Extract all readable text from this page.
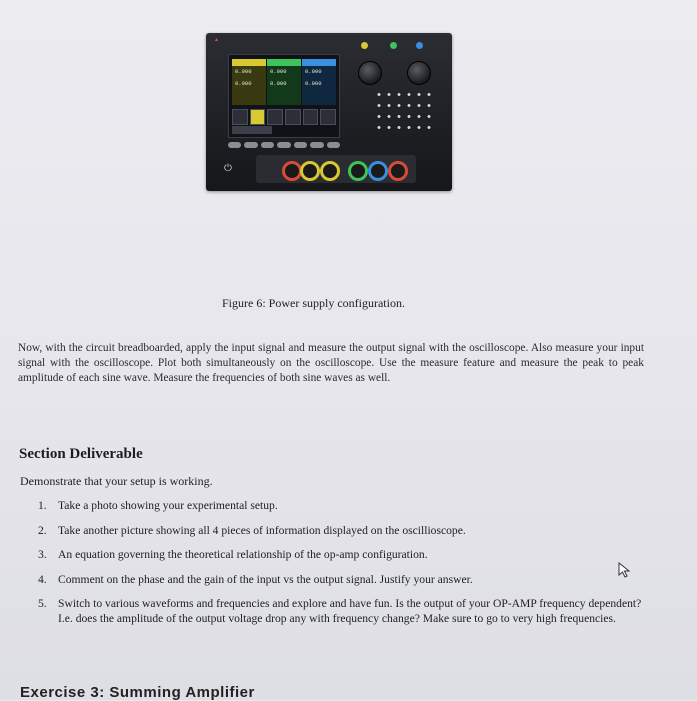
▲
0.000
0.000
0.000
0.000
0.000
0.000
⏻
Figure 6: Power supply configuration.
Now, with the circuit breadboarded, apply the input signal and measure the output signal with the oscilloscope. Also measure your input signal with the oscilloscope. Plot both simultaneously on the oscilloscope. Use the measure feature and measure the peak to peak amplitude of each sine wave. Measure the frequencies of both sine waves as well.
Section Deliverable
Demonstrate that your setup is working.
1. Take a photo showing your experimental setup.
2. Take another picture showing all 4 pieces of information displayed on the oscillioscope.
3. An equation governing the theoretical relationship of the op-amp configuration.
4. Comment on the phase and the gain of the input vs the output signal. Justify your answer.
5. Switch to various waveforms and frequencies and explore and have fun. Is the output of your OP-AMP frequency dependent? I.e. does the amplitude of the output voltage drop any with frequency change? Make sure to go to very high frequencies.
Exercise 3: Summing Amplifier
